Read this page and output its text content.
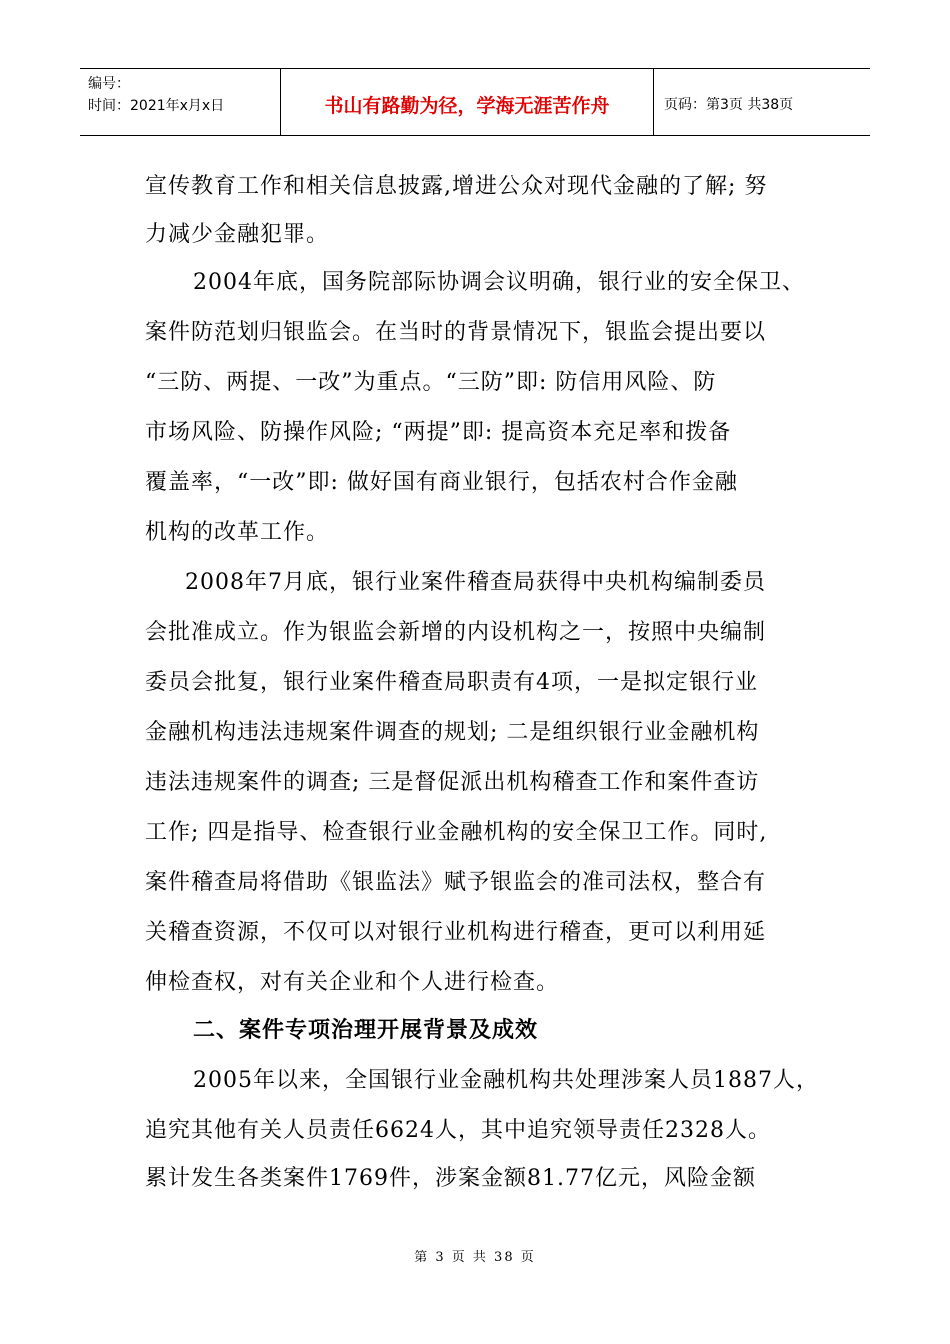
编号：
时间：2021年x月x日	书山有路勤为径，学海无涯苦作舟	页码：第3页 共38页
宣传教育工作和相关信息披露,增进公众对现代金融的了解; 努
力减少金融犯罪。
2004年底，国务院部际协调会议明确，银行业的安全保卫、
案件防范划归银监会。在当时的背景情况下，银监会提出要以
“三防、两提、一改”为重点。“三防”即: 防信用风险、防
市场风险、防操作风险; “两提”即: 提高资本充足率和拨备
覆盖率，“一改”即: 做好国有商业银行，包括农村合作金融
机构的改革工作。
2008年7月底，银行业案件稽查局获得中央机构编制委员
会批准成立。作为银监会新增的内设机构之一，按照中央编制
委员会批复，银行业案件稽查局职责有4项，一是拟定银行业
金融机构违法违规案件调查的规划; 二是组织银行业金融机构
违法违规案件的调查; 三是督促派出机构稽查工作和案件查访
工作; 四是指导、检查银行业金融机构的安全保卫工作。同时,
案件稽查局将借助《银监法》赋予银监会的准司法权，整合有
关稽查资源，不仅可以对银行业机构进行稽查，更可以利用延
伸检查权，对有关企业和个人进行检查。
二、案件专项治理开展背景及成效
2005年以来，全国银行业金融机构共处理涉案人员1887人，
追究其他有关人员责任6624人，其中追究领导责任2328人。
累计发生各类案件1769件，涉案金额81.77亿元，风险金额
第 3 页 共 38 页
